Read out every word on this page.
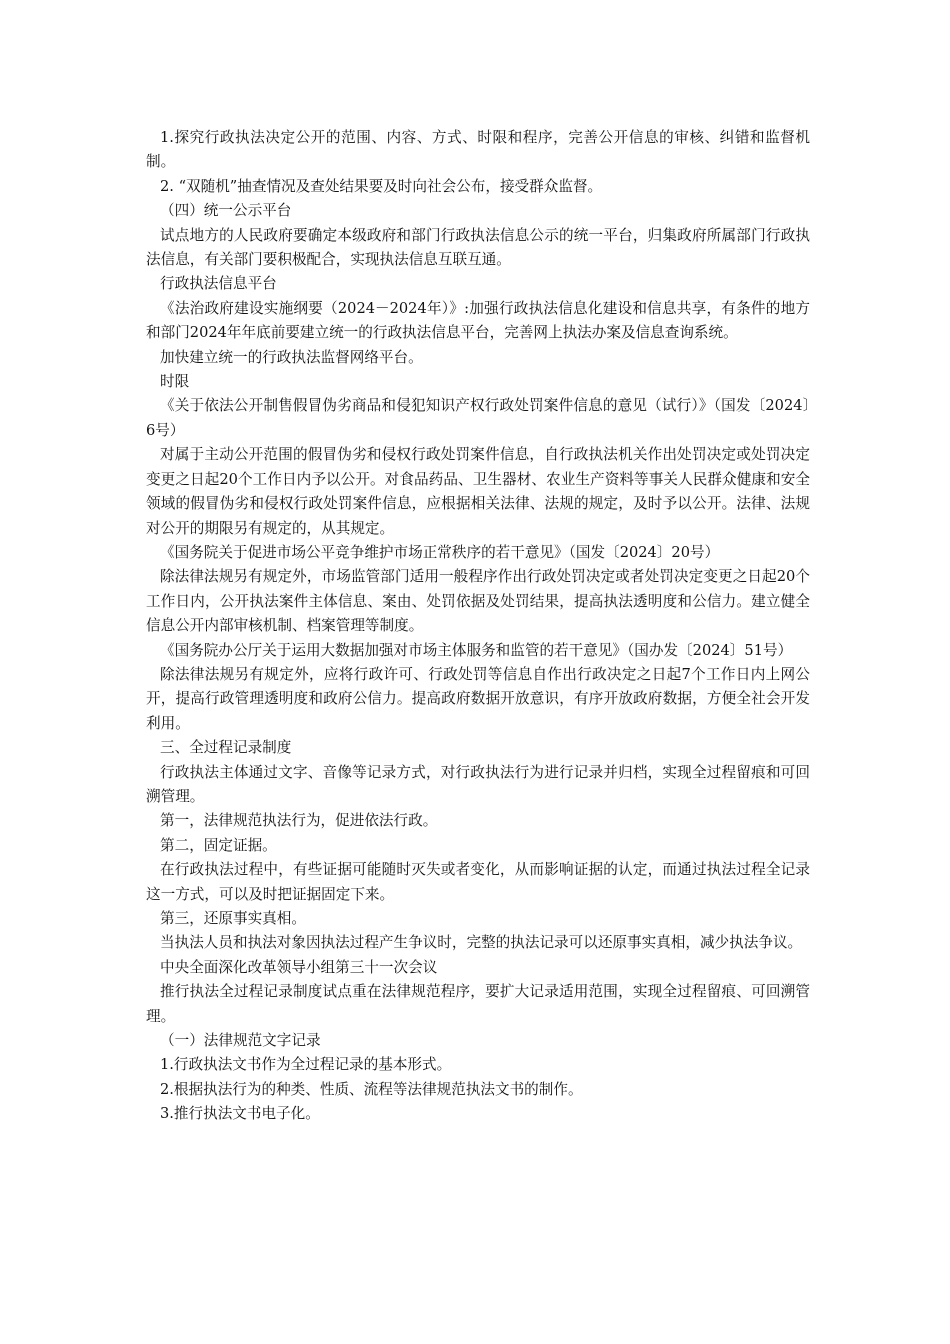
1.探究行政执法决定公开的范围、内容、方式、时限和程序，完善公开信息的审核、纠错和监督机制。

2. “双随机”抽查情况及查处结果要及时向社会公布，接受群众监督。

（四）统一公示平台

试点地方的人民政府要确定本级政府和部门行政执法信息公示的统一平台，归集政府所属部门行政执法信息，有关部门要积极配合，实现执法信息互联互通。

行政执法信息平台

《法治政府建设实施纲要（2024－2024年）》:加强行政执法信息化建设和信息共享，有条件的地方和部门2024年年底前要建立统一的行政执法信息平台，完善网上执法办案及信息查询系统。

加快建立统一的行政执法监督网络平台。

时限

《关于依法公开制售假冒伪劣商品和侵犯知识产权行政处罚案件信息的意见（试行）》（国发〔2024〕6号）

对属于主动公开范围的假冒伪劣和侵权行政处罚案件信息，自行政执法机关作出处罚决定或处罚决定变更之日起20个工作日内予以公开。对食品药品、卫生器材、农业生产资料等事关人民群众健康和安全领域的假冒伪劣和侵权行政处罚案件信息，应根据相关法律、法规的规定，及时予以公开。法律、法规对公开的期限另有规定的，从其规定。

《国务院关于促进市场公平竞争维护市场正常秩序的若干意见》（国发〔2024〕20号）

除法律法规另有规定外，市场监管部门适用一般程序作出行政处罚决定或者处罚决定变更之日起20个工作日内，公开执法案件主体信息、案由、处罚依据及处罚结果，提高执法透明度和公信力。建立健全信息公开内部审核机制、档案管理等制度。

《国务院办公厅关于运用大数据加强对市场主体服务和监管的若干意见》（国办发〔2024〕51号）

除法律法规另有规定外，应将行政许可、行政处罚等信息自作出行政决定之日起7个工作日内上网公开，提高行政管理透明度和政府公信力。提高政府数据开放意识，有序开放政府数据，方便全社会开发利用。

三、全过程记录制度

行政执法主体通过文字、音像等记录方式，对行政执法行为进行记录并归档，实现全过程留痕和可回溯管理。

第一，法律规范执法行为，促进依法行政。

第二，固定证据。

在行政执法过程中，有些证据可能随时灭失或者变化，从而影响证据的认定，而通过执法过程全记录这一方式，可以及时把证据固定下来。

第三，还原事实真相。

当执法人员和执法对象因执法过程产生争议时，完整的执法记录可以还原事实真相，减少执法争议。

中央全面深化改革领导小组第三十一次会议

推行执法全过程记录制度试点重在法律规范程序，要扩大记录适用范围，实现全过程留痕、可回溯管理。

（一）法律规范文字记录

1.行政执法文书作为全过程记录的基本形式。

2.根据执法行为的种类、性质、流程等法律规范执法文书的制作。

3.推行执法文书电子化。
